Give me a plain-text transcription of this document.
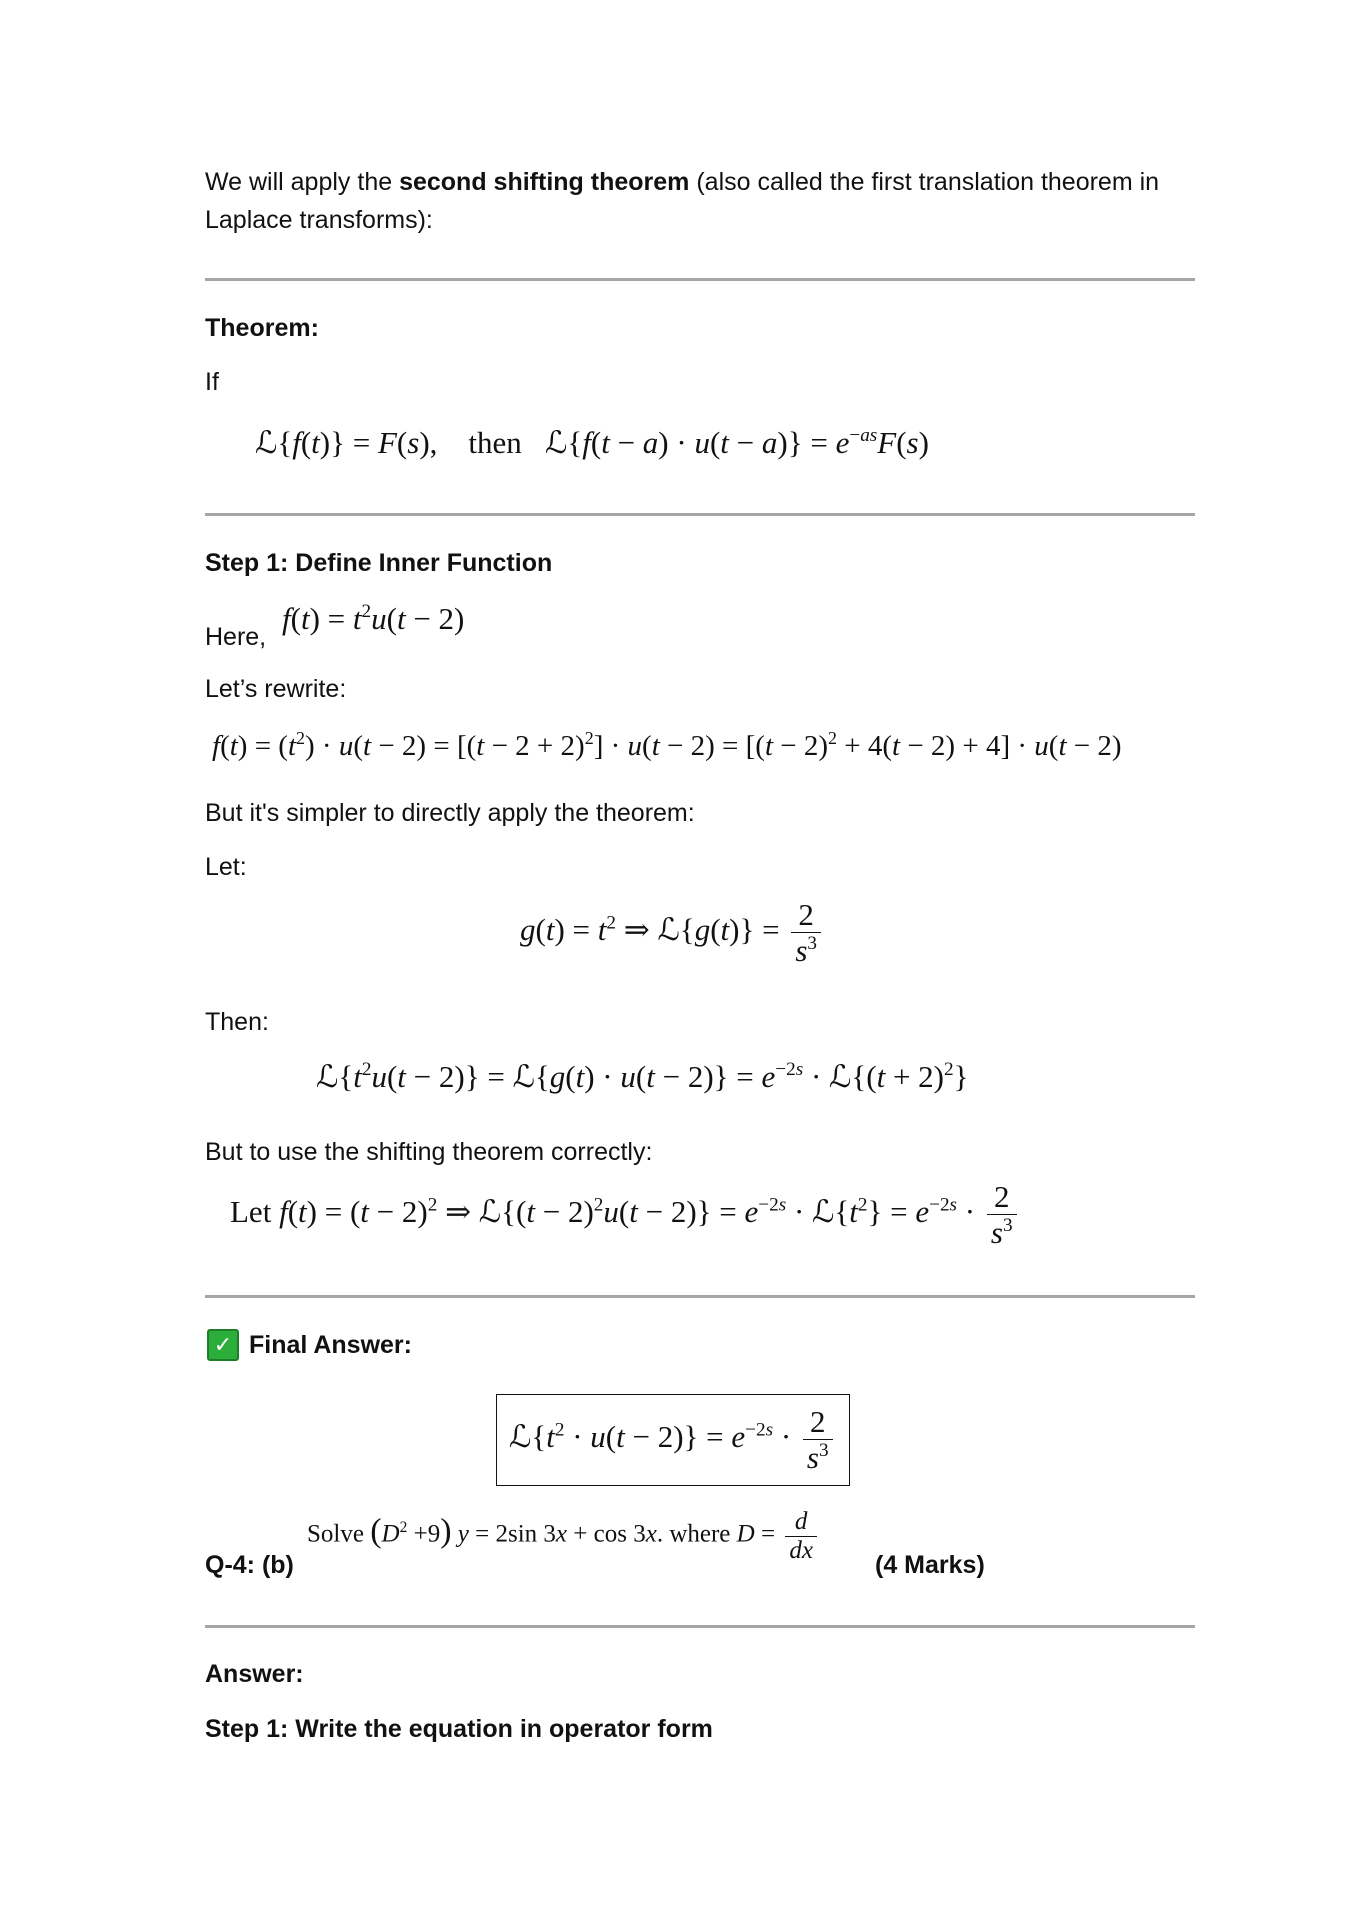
We will apply the second shifting theorem (also called the first translation theorem in
Laplace transforms):
Theorem:
If
ℒ{f(t)} = F(s),    then   ℒ{f(t − $a) \cdot u(t - a)\} = e^{-as}F(s)$
Step 1: Define Inner Function
Here,
$f(t) = t^2u(t - 2)$
Let’s rewrite:
$f(t) = (t^2) \cdot u(t - 2) = [(t - 2 + 2)^2] \cdot u(t - 2) = [(t - 2)^2 + 4(t - 2) + 4] \cdot u(t - 2)$
But it's simpler to directly apply the theorem:
Let:
$g(t) = t^2$ ⇒ ℒ{g(t)} = $\frac{2}{s^3}$
Then:
$ℒ\{t^2u(t - 2)\}$ = ℒ{g(t) · $u(t - 2)\} = e^{-2s}$ · ℒ{(t + 2)$^2$}
But to use the shifting theorem correctly:
Let $f(t) = (t - 2)^2$ ⇒ ℒ{(t − $2)^2u(t - 2)\} = e^{-2s}$ · $ℒ\{t^2\} = e^{-2s} \cdot \frac{2}{s^3}$
✓ Final Answer:
$ℒ\{t^2 \cdot u(t - 2)\} = e^{-2s} \cdot \frac{2}{s^3}$
Solve $(D^2 +9) y = 2\sin$ 3x + cos 3x. where $D = \frac{d}{dx}$
Q-4: (b)	(4 Marks)
Answer:
Step 1: Write the equation in operator form
